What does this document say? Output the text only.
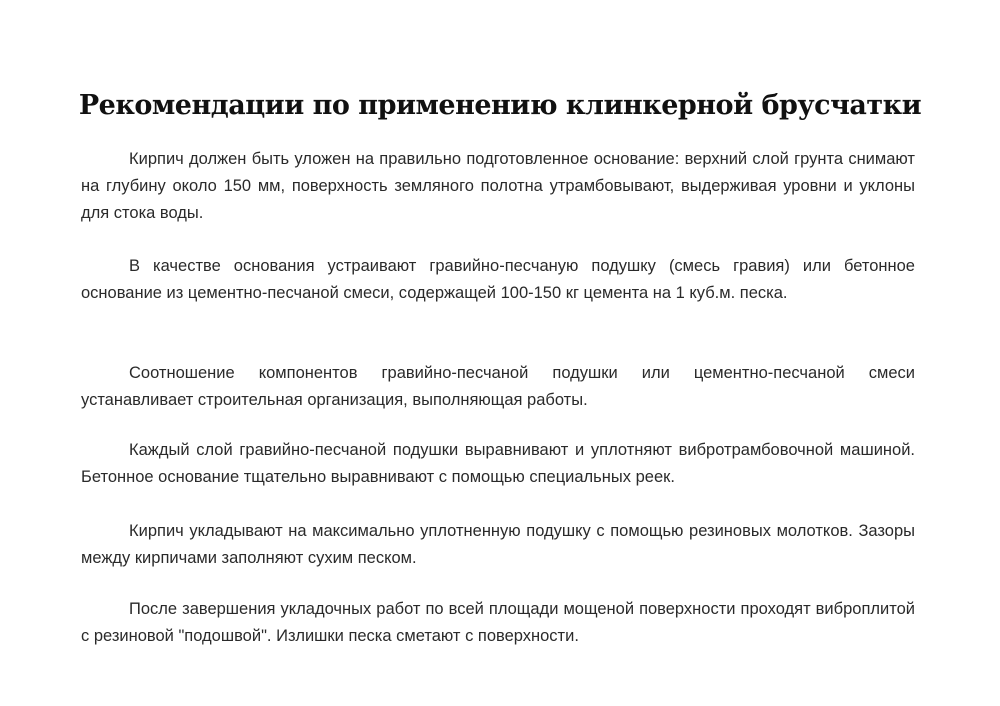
Рекомендации по применению клинкерной брусчатки

Кирпич должен быть уложен на правильно подготовленное основание: верхний слой грунта снимают на глубину около 150 мм, поверхность земляного полотна утрамбовывают, выдерживая уровни и уклоны для стока воды.

В качестве основания устраивают гравийно-песчаную подушку (смесь гравия) или бетонное основание из цементно-песчаной смеси, содержащей 100-150 кг цемента на 1 куб.м. песка.

Соотношение компонентов гравийно-песчаной подушки или цементно-песчаной смеси устанавливает строительная организация, выполняющая работы.

Каждый слой гравийно-песчаной подушки выравнивают и уплотняют вибротрамбовочной машиной. Бетонное основание тщательно выравнивают с помощью специальных реек.

Кирпич укладывают на максимально уплотненную подушку с помощью резиновых молотков. Зазоры между кирпичами заполняют сухим песком.

После завершения укладочных работ по всей площади мощеной поверхности проходят виброплитой с резиновой "подошвой". Излишки песка сметают с поверхности.
